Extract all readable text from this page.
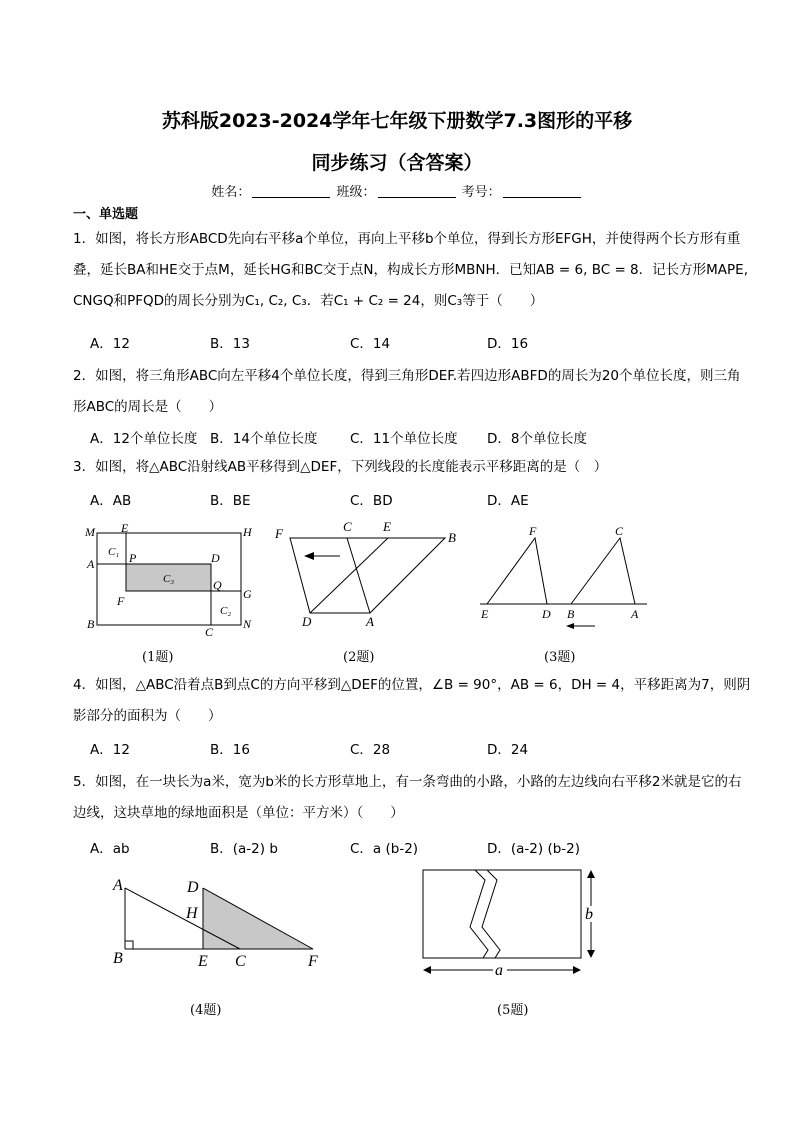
苏科版2023-2024学年七年级下册数学7.3图形的平移
同步练习（含答案）
姓名：	班级：	考号：
一、单选题
1．如图，将长方形ABCD先向右平移a个单位，再向上平移b个单位，得到长方形EFGH，并使得两个长方形有重叠，延长BA和HE交于点M，延长HG和BC交于点N，构成长方形MBNH．已知AB = 6, BC = 8．记长方形MAPE, CNGQ和PFQD的周长分别为C₁, C₂, C₃．若C₁ + C₂ = 24，则C₃等于（　　）
A．12	B．13	C．14	D．16
2．如图，将三角形ABC向左平移4个单位长度，得到三角形DEF.若四边形ABFD的周长为20个单位长度，则三角形ABC的周长是（　　）
A．12个单位长度 B．14个单位长度 C．11个单位长度 D．8个单位长度
3．如图，将△ABC沿射线AB平移得到△DEF，下列线段的长度能表示平移距离的是（　）
A．AB	B．BE	C．BD	D．AE
M E	H
C₁ P	D
A
C₃	Q
G
F
C₂
B
C
N
(1题)
F	C E
B
D	A
(2题)
F	C
E	D B	A
(3题)
4．如图，△ABC沿着点B到点C的方向平移到△DEF的位置，∠B = 90°，AB = 6，DH = 4，平移距离为7，则阴影部分的面积为（　　）
A．12	B．16	C．28	D．24
5．如图，在一块长为a米，宽为b米的长方形草地上，有一条弯曲的小路，小路的左边线向右平移2米就是它的右边线，这块草地的绿地面积是（单位：平方米）（　　）
A．ab	B．(a-2) b	C．a (b-2)	D．(a-2) (b-2)
A	D
H
B	E C	F
(4题)
a
b
(5题)
